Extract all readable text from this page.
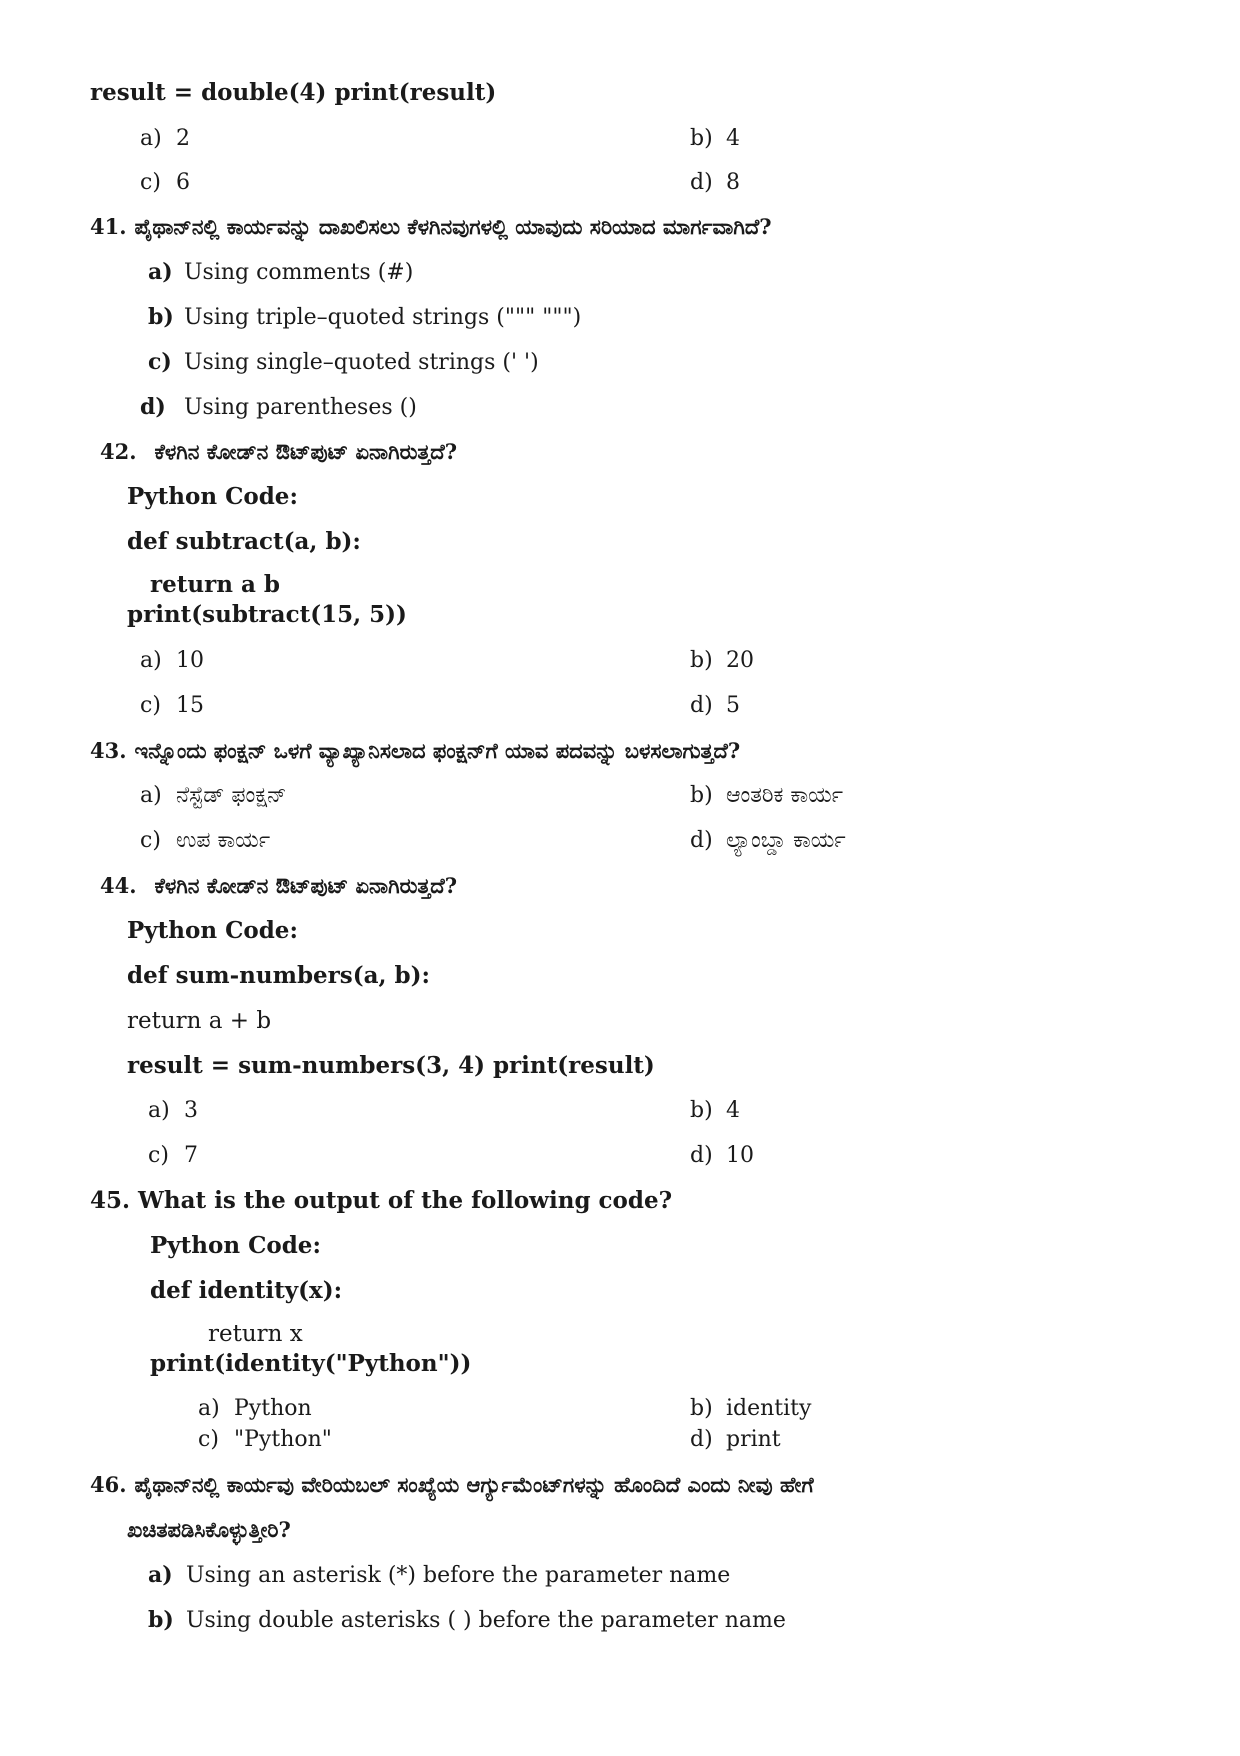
result = double(4) print(result)
a) 2	b) 4
c) 6	d) 8
41. ಪೈಥಾನ್‌ನಲ್ಲಿ ಕಾರ್ಯವನ್ನು ದಾಖಲಿಸಲು ಕೆಳಗಿನವುಗಳಲ್ಲಿ ಯಾವುದು ಸರಿಯಾದ ಮಾರ್ಗವಾಗಿದೆ?
a) Using comments (#)
b) Using triple–quoted strings (""" """)
c) Using single–quoted strings (' ')
d) Using parentheses ()
42. ಕೆಳಗಿನ ಕೋಡ್‌ನ ಔಟ್‌ಪುಟ್ ಏನಾಗಿರುತ್ತದೆ?
Python Code:
def subtract(a, b):
return a b
print(subtract(15, 5))
a) 10	b) 20
c) 15	d) 5
43. ಇನ್ನೊಂದು ಫಂಕ್ಷನ್ ಒಳಗೆ ವ್ಯಾಖ್ಯಾನಿಸಲಾದ ಫಂಕ್ಷನ್‌ಗೆ ಯಾವ ಪದವನ್ನು ಬಳಸಲಾಗುತ್ತದೆ?
a) ನೆಸ್ಟೆಡ್ ಫಂಕ್ಷನ್	b) ಆಂತರಿಕ ಕಾರ್ಯ
c) ಉಪ ಕಾರ್ಯ	d) ಲ್ಯಾಂಬ್ಡಾ ಕಾರ್ಯ
44. ಕೆಳಗಿನ ಕೋಡ್‌ನ ಔಟ್‌ಪುಟ್ ಏನಾಗಿರುತ್ತದೆ?
Python Code:
def sum-numbers(a, b):
return a + b
result = sum-numbers(3, 4) print(result)
a) 3	b) 4
c) 7	d) 10
45. What is the output of the following code?
Python Code:
def identity(x):
return x
print(identity("Python"))
a) Python	b) identity
c) "Python"	d) print
46. ಪೈಥಾನ್‌ನಲ್ಲಿ ಕಾರ್ಯವು ವೇರಿಯಬಲ್ ಸಂಖ್ಯೆಯ ಆರ್ಗ್ಯುಮೆಂಟ್‌ಗಳನ್ನು ಹೊಂದಿದೆ ಎಂದು ನೀವು ಹೇಗೆ
ಖಚಿತಪಡಿಸಿಕೊಳ್ಳುತ್ತೀರಿ?
a) Using an asterisk (*) before the parameter name
b) Using double asterisks ( ) before the parameter name
